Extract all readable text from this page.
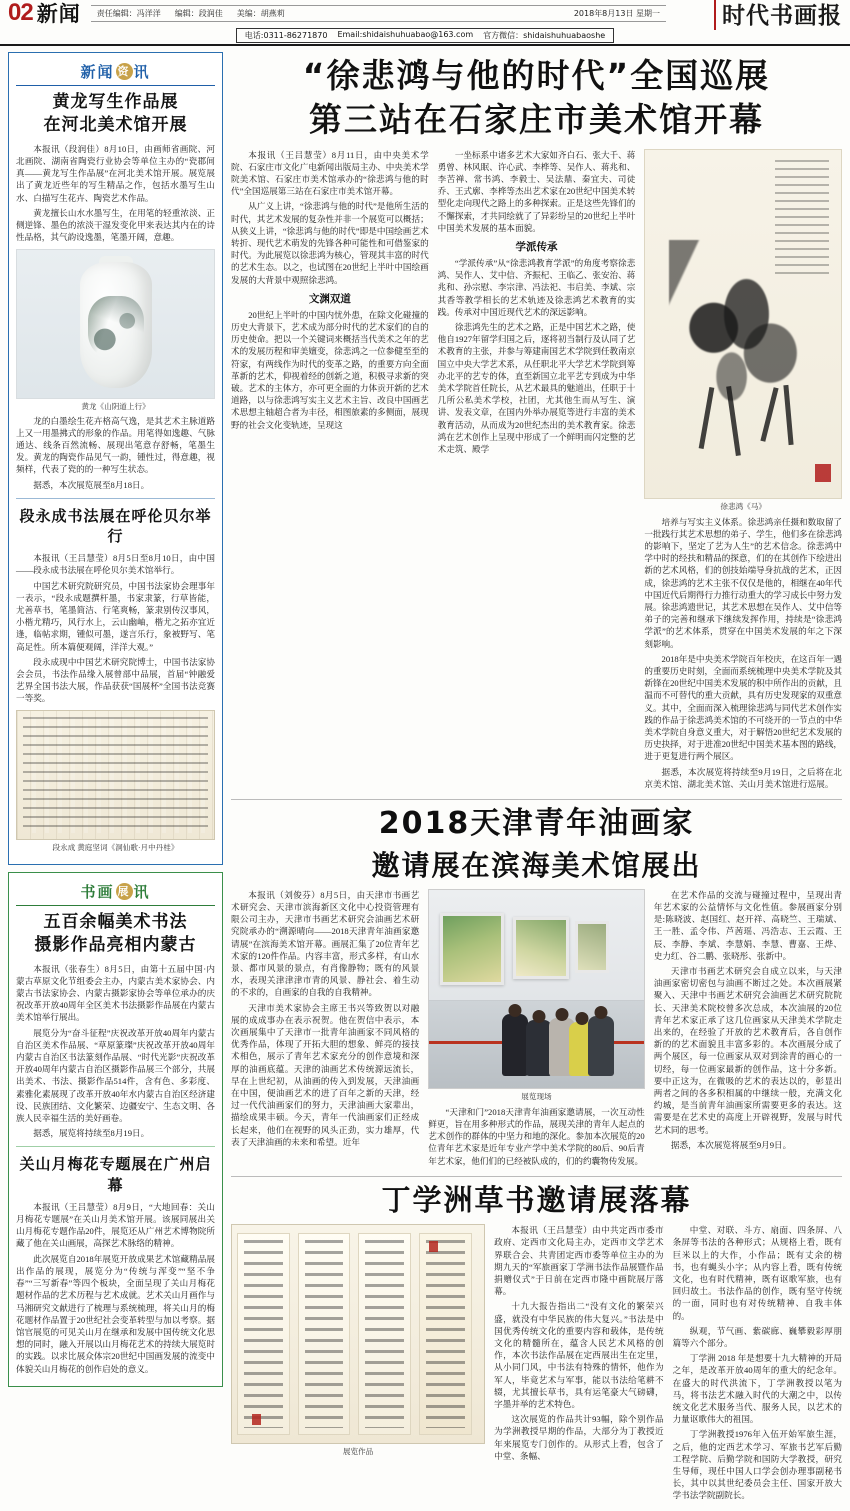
02 新闻 责任编辑：冯洋洋 编辑：段润佳 美编：胡燕莉	2018年8月13日 星期一	时代书画报
电话:0311-86271870 Email:shidaishuhuabao@163.com 官方微信：shidaishuhuabaoshe
新闻 资 讯
黄龙写生作品展
在河北美术馆开展

本报讯（段润佳）8月10日，由画师省画院、河北画院、湖南省陶瓷行业协会等单位主办的“瓷郡间真——黄龙写生作品展”在河北美术馆开展。展览展出了黄龙近些年的写生精品之作，包括水墨写生山水、白描写生花卉、陶瓷艺术作品。

黄龙擅长山水水墨写生，在用笔的轻重浓淡、正侧逆锋、墨色的浓淡干湿发变化甲来表达其内在的诗性品格，其气韵设逸墨，笔墨开阔，意趣。

黄龙《山阴道上行》

龙的白墨绘生花卉格高气逸，是其艺术主脉道路上又一用墨拂式的形象的作品。用笔得如逸趣、气脉通达、线条百然流畅、展现出笔意存舒畅，笔墨生发。黄龙的陶瓷作品见气一韵，锺性过，得意趣，视频样，代表了瓷的的一种写生状态。

据悉，本次展览展至8月18日。

段永成书法展在呼伦贝尔举行

本报讯（王吕慧莹）8月5日至8月10日，由中国——段永成书法展在呼伦贝尔美术馆举行。

中国艺术研究院研究员，中国书法家协会理事年一表示，“段永成题撰杆墨，书家隶篆，行草皆能，尤善草书，笔墨简洁、行笔爽畅，篆隶别传汉事风，小楷尤精巧，风行水上，云山幽岫，楷尤之拓亦宜近逢，临帖求期，锺似可墨，遂言乐行，象被野写、笔高足性。所本篇便观阔，洋洋大观。”

段永成现中中国艺术研究院博士，中国书法家协会会员，书法作品缘入展曾部中品展，首届“钟融爱艺界全国书法大展，作品获获“国展杯”全国书法竞赛一等奖。

段永成 黄庭坚词《洞仙歌·月中丹桂》
书画 展 讯
五百余幅美术书法
摄影作品亮相内蒙古

本报讯（张春生）8月5日，由第十五届中国·内蒙古草原文化节组委会主办，内蒙古美术家协会、内蒙古书法家协会、内蒙古摄影家协会等单位承办的庆祝改革开放40周年全区美术书法摄影作品展在内蒙古美术馆举行展出。

展览分为“奋斗征程”庆祝改革开放40周年内蒙古自治区美术作品展、“草原篆璨”庆祝改革开放40周年内蒙古自治区书法篆刻作品展、“时代光影”庆祝改革开放40周年内蒙古自治区摄影作品展三个部分，共展出美术、书法、摄影作品514件，含有色、多彩度、素雅化素展现了改革开放40年水内蒙古自治区经济建设、民族团结、文化繁荣、边疆安宁、生态文明、各族人民幸福生活的美好画卷。

据悉，展览将持续至8月19日。

关山月梅花专题展在广州启幕

本报讯（王吕慧莹）8月9日，“大地回春：关山月梅花专题展”在关山月美术馆开展。该展同展出关山月梅花专题作品20件，展览还从广州艺术博物院所藏了他在关山画展，高探艺术脉络的精神。

此次展览自2018年展览开放成果艺术馆藏精品展出作品的展现，展览分为“传统与浑变”“坚不争春”“三写新春”等四个板块，全面呈现了关山月梅花题材作品的艺术历程与艺术成就。艺术关山月画作与马湘研究文献进行了梳理与系统梳理，将关山月的梅花题材作品置于20世纪社会变革转型与加以考察。据馆官展览的可见关山月在继承和发展中国传统文化思想的同时，融入开展以山月梅花艺术的持续大展览时的实践。以求比展众体宗20世纪中国画发展的流变中体貌关山月梅花的创作启处的意义。

“徐悲鸿与他的时代”全国巡展
第三站在石家庄市美术馆开幕

本报讯（王吕慧莹）8月11日，由中央美术学院、石家庄市文化广电新闻出版局主办、中央美术学院美术馆、石家庄市美术馆承办的“徐悲鸿与他的时代”全国巡展第三站在石家庄市美术馆开幕。

从广义上讲，“徐悲鸿与他的时代”是他所生活的时代，其艺术发展的复杂性并非一个展览可以概括；从狭义上讲，“徐悲鸿与他的时代”即是中国绘画艺术转折、现代艺术萌发的先锋各种可能性和可借鉴家的时代。为此展览以徐悲鸿为核心，管现其丰富的时代的艺术生态。以之，也试图在20世纪上半叶中国绘画发展的大背景中观照徐悲鸿。

文渊双道

20世纪上半叶的中国内忧外患，在除文化碰撞的历史大背景下，艺术成为部分时代的艺术家们的自的历史使命。把以一个关键词来概括当代美术之年的艺术的发展历程和审美嬗变，徐悲鸿之一位参健至至的符家，有两线作为时代的变革之路，的重要方向全面革新的艺术，仰视着经的创新之道，积极寻求新的突破。艺术的主体方，亦可更全面的力体贡开新的艺术道路，以与徐悲鸿写实主义艺术主旨、改良中国画艺术思想主轴超合者为丰径，相图旅素的多侧面，展现野的社会文化变轨迹，呈现这

一坐标系中诸多艺术大家如齐白石、张大千、蒋勇曾、林风眠、许心武、李桦等、吴作人、蒋兆和、李苦禅、常书鸿、李毅士、吴法鼎、秦宜夫、司徒乔、王式廓、李桦等杰出艺术家在20世纪中国美术转型化走向现代之路上的多种探索。正是这些先锋们的不懈探索，才共同绘就了了异彩纷呈的20世纪上半叶中国美术发展的基本面貌。

学派传承

“学派传承”从“徐悲鸿教育学派”的角度考察徐悲鸿、吴作人、艾中信、齐振杞、王临乙、张安治、蒋兆和、孙宗慰、李宗津、冯法祀、韦启美、李斌、宗其香等教学相长的艺术轨迹及徐悲鸿艺术教育的实践。传承对中国近现代艺术的深远影响。

徐悲鸿先生的艺术之路，正是中国艺术之路，使他自1927年留学归国之后，逐将初当制行及认同了艺术教育的主张，并参与筹建南国艺术学院到任教南京国立中央大学艺术系，从任职北平大学艺术学院到筹办北平的艺专的体，直至新国立北平艺专到成为中华美术学院首任院长，从艺术最具的魅道出，任职于十几所公私美术学校，社团，尤其他生而从写生、演讲、发表文章，在国内外举办展览等进行丰富的美术教育活动，从而成为20世纪杰出的美术教育家。徐悲鸿在艺术创作上呈现中形成了一个鲜明而闪定整的艺术走筑、殿学

徐悲鸿《马》

培养与写实主义体系。徐悲鸿亲任摄和数取留了一批践行其艺术思想的弟子、学生，他们多在徐悲鸿的影响下，坚定了艺为人生”的艺术信念。徐悲鸿中学中时的经扶和精品的探意，们的在其创作下绘进出新的艺术风格，们的创技始端导身抗战的艺术，正因成，徐悲鸿的艺术主张不仅仅是他的，相继在40年代中国近代后期得行力推行动重大的学习成长中努力发展。徐悲鸿遗世记，其艺术思想在吴作人、艾中信等弟子的完善和继承下继续发挥作用，持续是“徐悲鸿学派”的艺术体系，贯穿在中国美术发展的年之下深刻影响。

2018年是中央美术学院百年校庆，在这百年一遇的重要历史时刻，全面而系统梳理中央美术学院及其新锋在20世纪中国美术发展的积中所作出的贡献，且温而不可替代的重大贡献，具有历史发现家的双重意义。其中，全面而深入梳理徐悲鸿与同代艺术创作实践的作品于徐悲鸿美术馆的不可绕开的一节点的中华美术学院自身意义重大，对于解悟20世纪艺术发展的历史抉择，对于进准20世纪中国美术基本图的路线，进于更复进行两个展区。

据悉，本次展览将持续至9月19日，之后将在北京美术馆、湖北美术馆、关山月美术馆进行巡展。

2018天津青年油画家
邀请展在滨海美术馆展出

本报讯（刘俊芬）8月5日，由天津市书画艺术研究会、天津市滨海新区文化中心投资管理有限公司主办，天津市书画艺术研究会油画艺术研究院承办的“溯源晴向——2018天津青年油画家邀请展”在滨海美术馆开幕。画展汇集了20位青年艺术家的120件作品。内容丰富，形式多样，有山水景、都市风景的景点，有肖像静物；既有的风景水，表现关津津津市青的风景、静社会、着生动的不求的，自画家的自我的自我精神。

天津市美术家协会主席王书兴等致贺以对融展的成成事办在表示祝贺。他在贺信中表示，本次画展集中了天津市一批青年油画家不同风格的优秀作品，体现了开拓大胆的想象、鲜亮的接技术相色，展示了青年艺术家充分的创作意境和深厚的油画底蕴。天津的油画艺术传统源远流长，早在上世纪初，从油画的传入到发展，天津油画在中国，便油画艺术的进了百年之新的天津，经过一代代油画家们的努力，天津油画大家辈出，描绘成果丰硕。今天，青年一代油画家们正经成长起来，他们在视野的风头正劲，实力雄厚，代表了天津油画的未来和希望。近年

展览现场

“天津和门”2018天津青年油画家邀请展，一次互动性鲜更，旨在用多种形式的作品，展现关津的青年人起点的艺术创作的群体的中坚力和地的深化。参加本次展览的20位青年艺术家是近年专业产学中美术学院的80后、90后青年艺术家，他们们的已经被队成的，们的约囊物传发展。

在艺术作品的交流与碰撞过程中，呈现出青年艺术家的公益情怀与文化性值。参展画家分别是:陈晓波、赵国红、赵开祥、高晓竺、王瑞斌、王一胜、孟令伟、芦茜瑶、冯浩志、王云霞、王辰、李静、李斌、李慧娟、李慧、曹嘉、王烨、史力红、谷二鹏、张晓彤、张新中。

天津市书画艺术研究会自成立以来，与天津油画家密切密包与油画不断过之处。本次画展紧聚入、天津中书画艺术研究会油画艺术研究院院长、天津美术院校曾多次总成，本次油展的20位青年艺术家正承了这几位画家从天津美术学院走出来的，在经验了开放的艺术教育后，各自创作新的的艺术面貌且丰富多彩的。本次画展分成了两个展区，每一位画家从双对到涂青的画心的一切经，每一位画家最新的创作品，这十分多新。要中正这为，在微吸的艺术的表达以的，彰显出两者之间的各多积相属的中继续一般，充满文化约城，是当前青年油画家所需要更多的表达。这需要是在艺术史的高度上开辟视野，发展与时代艺术同的思考。

据悉，本次展览将展至9月9日。

丁学洲草书邀请展落幕
展览作品

本报讯（王吕慧莹）由中共定西市委市政府、定西市文化局主办，定西市文学艺术界联合会、共青团定西市委等单位主办的为期九天的“军旅画家丁学洲书法作品展暨作品捐赠仪式”于日前在定西市隆中画院展厅落幕。

十九大报告指出二“没有文化的繁荣兴盛，就没有中华民族的伟大复兴。”书法是中国优秀传统文化的重要内容和载体，是传统文化的精髓所在，蕴含人民艺术风格的创作，本次书法作品展在定西展出生在定里，从小同门风，中书法有特殊的情怀，他作为军人，毕竟艺术与军事，能以书法给笔耕不辍，尤其擅长草书，具有运笔豪大气磅礴，字墨并举的艺术特色。

这次展览的作品共计93幅，除个别作品为学洲教授早期的作品，大部分为丁教授近年来展览专门创作的。从形式上看，包含了中堂、条幅、

中堂、对联、斗方、扇面、四条屏、八条屏等书法的各种形式；从规格上看，既有巨米以上的大作，小作品；既有丈余的榜书，也有蝇头小字；从内容上看，既有传统文化，也有时代精神，既有讴歌军旅，也有回归故土。书法作品的创作，既有坚守传统的一面，同时也有对传统精神、自我丰体的。

纵观，节气画、紫碳廊、巍攀毅彩厚朋篇等六个部分。

丁学洲 2018 年是想要十九大精神的开局之年，是改革开放40周年的重大的纪念年。在盛大的时代洪流下，丁学洲教授以笔为马，将书法艺术融入时代的大潮之中，以传统文化艺术服务当代、服务人民，以艺术的力量讴歌伟大的祖国。

丁学洲教授1976年入伍开始军旅生涯，之后，他的定西艺术学习、军旅书艺军后勤工程学院、后勤学院和国防大学教授，研究生导师，现任中国人口学会创办理事副秘书长，其中以其世纪委员会主任、国家开放大学书法学院副院长。
